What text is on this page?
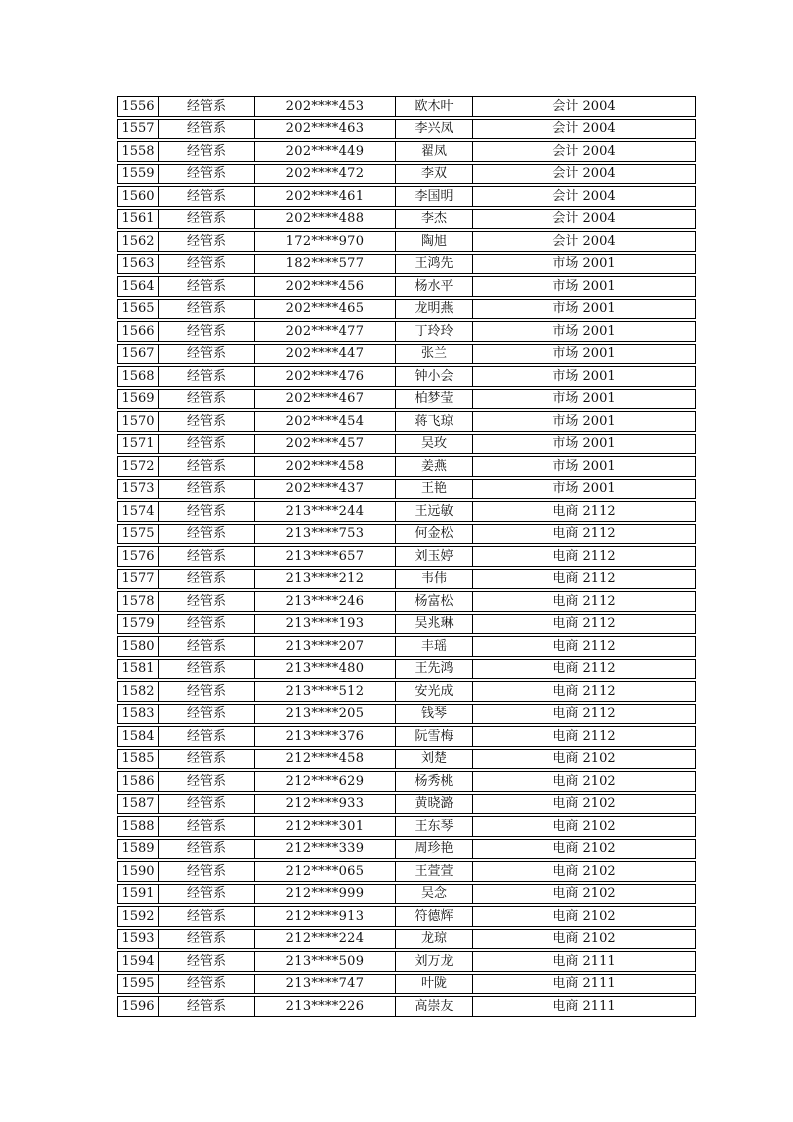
1556	经管系	202****453	欧木叶	会计 2004
1557	经管系	202****463	李兴凤	会计 2004
1558	经管系	202****449	翟凤	会计 2004
1559	经管系	202****472	李双	会计 2004
1560	经管系	202****461	李国明	会计 2004
1561	经管系	202****488	李杰	会计 2004
1562	经管系	172****970	陶旭	会计 2004
1563	经管系	182****577	王鸿先	市场 2001
1564	经管系	202****456	杨水平	市场 2001
1565	经管系	202****465	龙明燕	市场 2001
1566	经管系	202****477	丁玲玲	市场 2001
1567	经管系	202****447	张兰	市场 2001
1568	经管系	202****476	钟小会	市场 2001
1569	经管系	202****467	柏梦莹	市场 2001
1570	经管系	202****454	蒋飞琼	市场 2001
1571	经管系	202****457	吴玫	市场 2001
1572	经管系	202****458	姜燕	市场 2001
1573	经管系	202****437	王艳	市场 2001
1574	经管系	213****244	王远敏	电商 2112
1575	经管系	213****753	何金松	电商 2112
1576	经管系	213****657	刘玉婷	电商 2112
1577	经管系	213****212	韦伟	电商 2112
1578	经管系	213****246	杨富松	电商 2112
1579	经管系	213****193	吴兆琳	电商 2112
1580	经管系	213****207	丰瑶	电商 2112
1581	经管系	213****480	王先鸿	电商 2112
1582	经管系	213****512	安光成	电商 2112
1583	经管系	213****205	钱琴	电商 2112
1584	经管系	213****376	阮雪梅	电商 2112
1585	经管系	212****458	刘楚	电商 2102
1586	经管系	212****629	杨秀桃	电商 2102
1587	经管系	212****933	黄晓潞	电商 2102
1588	经管系	212****301	王东琴	电商 2102
1589	经管系	212****339	周珍艳	电商 2102
1590	经管系	212****065	王萱萱	电商 2102
1591	经管系	212****999	吴念	电商 2102
1592	经管系	212****913	符德辉	电商 2102
1593	经管系	212****224	龙琼	电商 2102
1594	经管系	213****509	刘万龙	电商 2111
1595	经管系	213****747	叶陇	电商 2111
1596	经管系	213****226	高崇友	电商 2111
